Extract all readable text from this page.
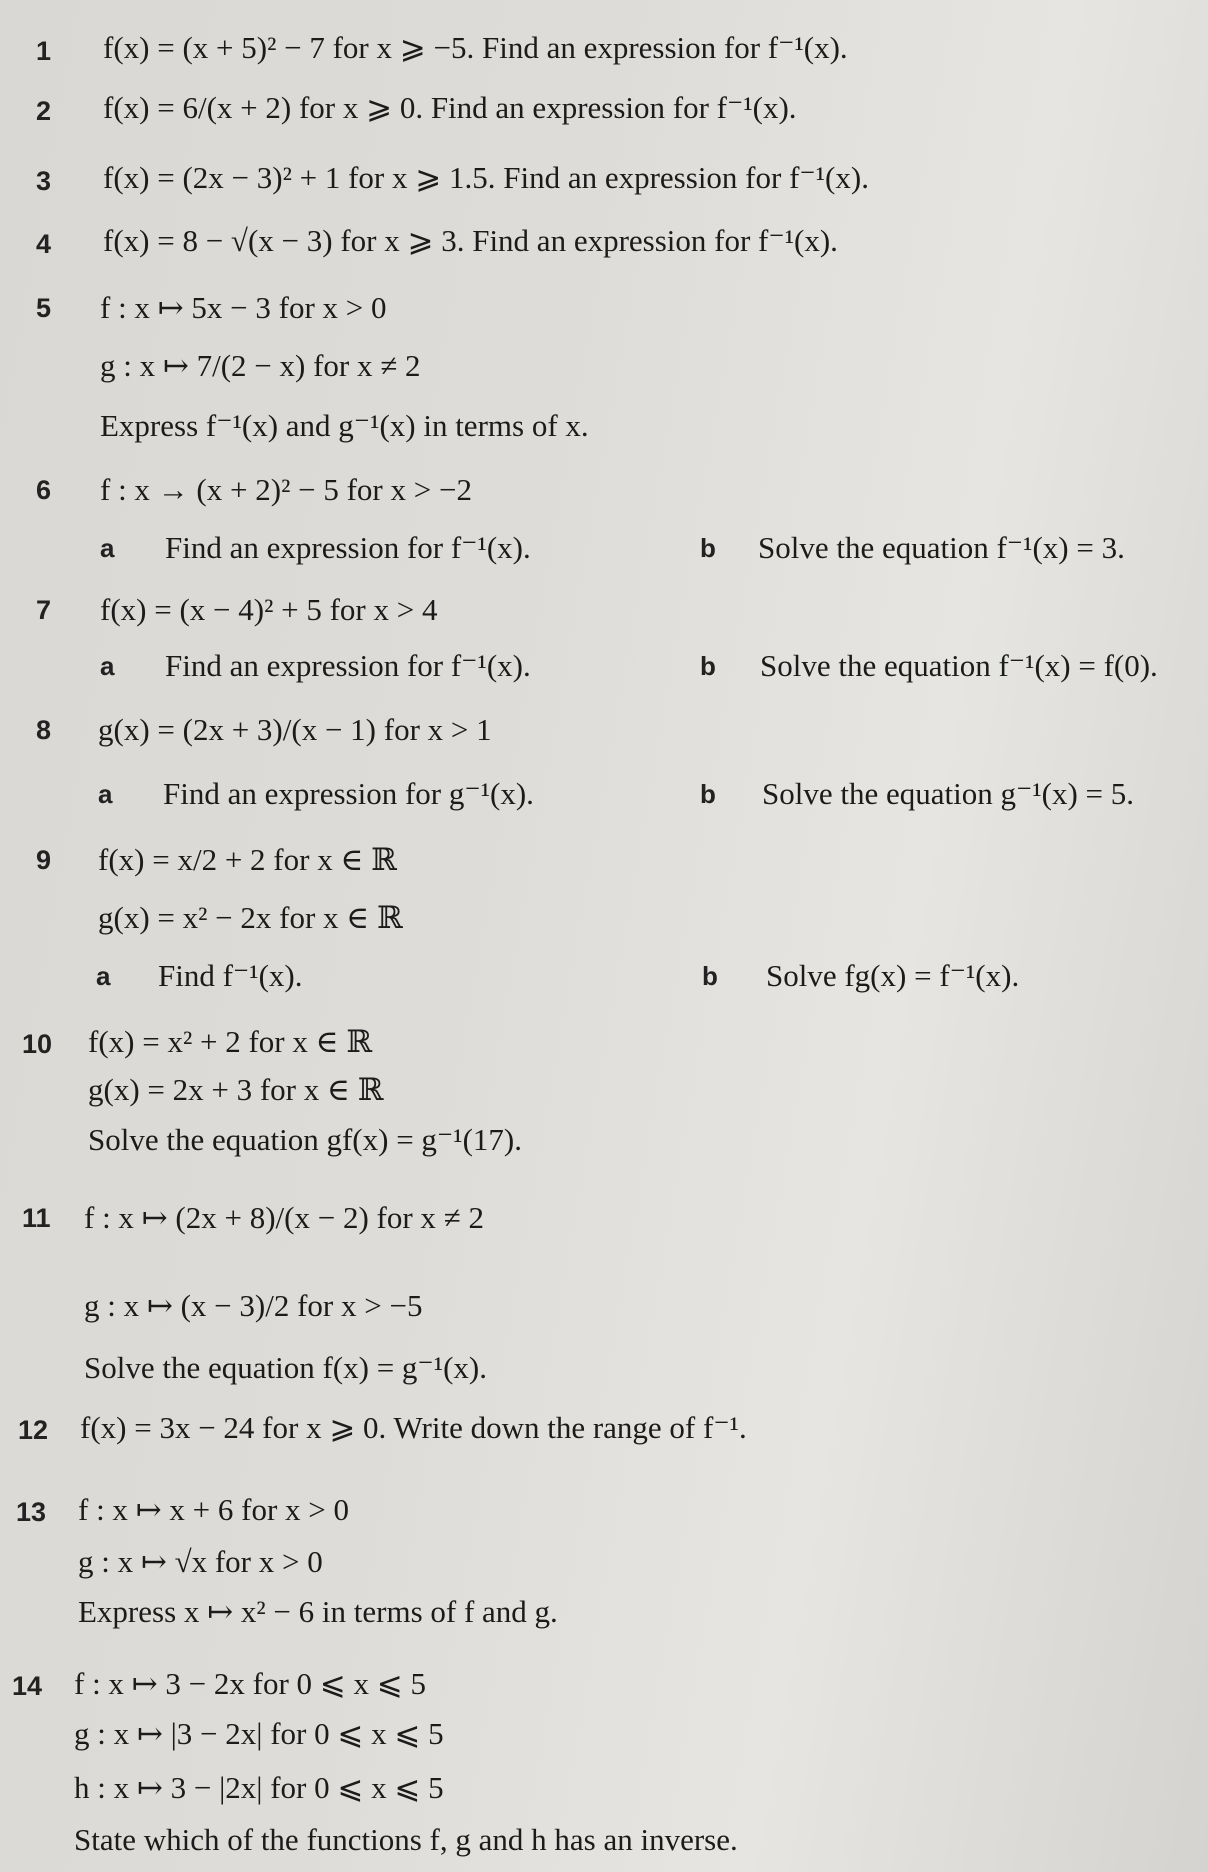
1 f(x) = (x + 5)² − 7 for x ⩾ −5. Find an expression for f⁻¹(x).
2 f(x) = 6/(x + 2) for x ⩾ 0. Find an expression for f⁻¹(x).
3 f(x) = (2x − 3)² + 1 for x ⩾ 1.5. Find an expression for f⁻¹(x).
4 f(x) = 8 − √(x − 3) for x ⩾ 3. Find an expression for f⁻¹(x).
5 f : x ↦ 5x − 3 for x > 0
g : x ↦ 7/(2 − x) for x ≠ 2
Express f⁻¹(x) and g⁻¹(x) in terms of x.
6 f : x → (x + 2)² − 5 for x > −2
a Find an expression for f⁻¹(x).	b Solve the equation f⁻¹(x) = 3.
7 f(x) = (x − 4)² + 5 for x > 4
a Find an expression for f⁻¹(x).	b Solve the equation f⁻¹(x) = f(0).
8 g(x) = (2x + 3)/(x − 1) for x > 1
a Find an expression for g⁻¹(x).	b Solve the equation g⁻¹(x) = 5.
9 f(x) = x/2 + 2 for x ∈ ℝ
g(x) = x² − 2x for x ∈ ℝ
a Find f⁻¹(x).	b Solve fg(x) = f⁻¹(x).
10 f(x) = x² + 2 for x ∈ ℝ
g(x) = 2x + 3 for x ∈ ℝ
Solve the equation gf(x) = g⁻¹(17).
11 f : x ↦ (2x + 8)/(x − 2) for x ≠ 2
g : x ↦ (x − 3)/2 for x > −5
Solve the equation f(x) = g⁻¹(x).
12 f(x) = 3x − 24 for x ⩾ 0. Write down the range of f⁻¹.
13 f : x ↦ x + 6 for x > 0
g : x ↦ √x for x > 0
Express x ↦ x² − 6 in terms of f and g.
14 f : x ↦ 3 − 2x for 0 ⩽ x ⩽ 5
g : x ↦ |3 − 2x| for 0 ⩽ x ⩽ 5
h : x ↦ 3 − |2x| for 0 ⩽ x ⩽ 5
State which of the functions f, g and h has an inverse.
